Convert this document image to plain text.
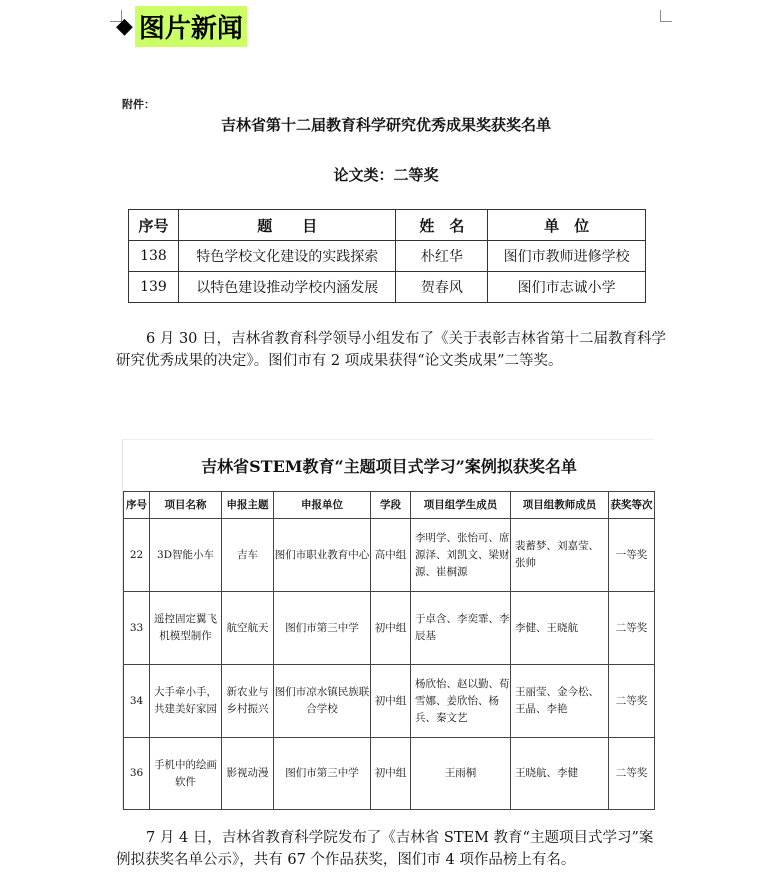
◆ 图片新闻
附件：
吉林省第十二届教育科学研究优秀成果奖获奖名单
论文类：二等奖
序号	题　　目	姓　名	单　位
138	特色学校文化建设的实践探索	朴红华	图们市教师进修学校
139	以特色建设推动学校内涵发展	贺春风	图们市志诚小学

6 月 30 日，吉林省教育科学领导小组发布了《关于表彰吉林省第十二届教育科学研究优秀成果的决定》。图们市有 2 项成果获得“论文类成果”二等奖。

吉林省STEM教育“主题项目式学习”案例拟获奖名单
序号	项目名称	申报主题	申报单位	学段	项目组学生成员	项目组教师成员	获奖等次
22	3D智能小车	吉车	图们市职业教育中心	高中组	李明学、张怡可、席源泽、刘凯文、梁财源、崔桐源	裴蓄梦、刘嘉莹、张帅	一等奖
33	遥控固定翼飞机模型制作	航空航天	图们市第三中学	初中组	于卓含、李奕霏、李辰基	李健、王晓航	二等奖
34	大手牵小手，共建美好家园	新农业与乡村振兴	图们市凉水镇民族联合学校	初中组	杨欣怡、赵以勤、荀雪娜、姜欣怡、杨兵、秦文艺	王丽莹、金今松、王晶、李艳	二等奖
36	手机中的绘画软件	影视动漫	图们市第三中学	初中组	王雨桐	王晓航、李健	二等奖

7 月 4 日，吉林省教育科学院发布了《吉林省 STEM 教育“主题项目式学习”案例拟获奖名单公示》，共有 67 个作品获奖，图们市 4 项作品榜上有名。
